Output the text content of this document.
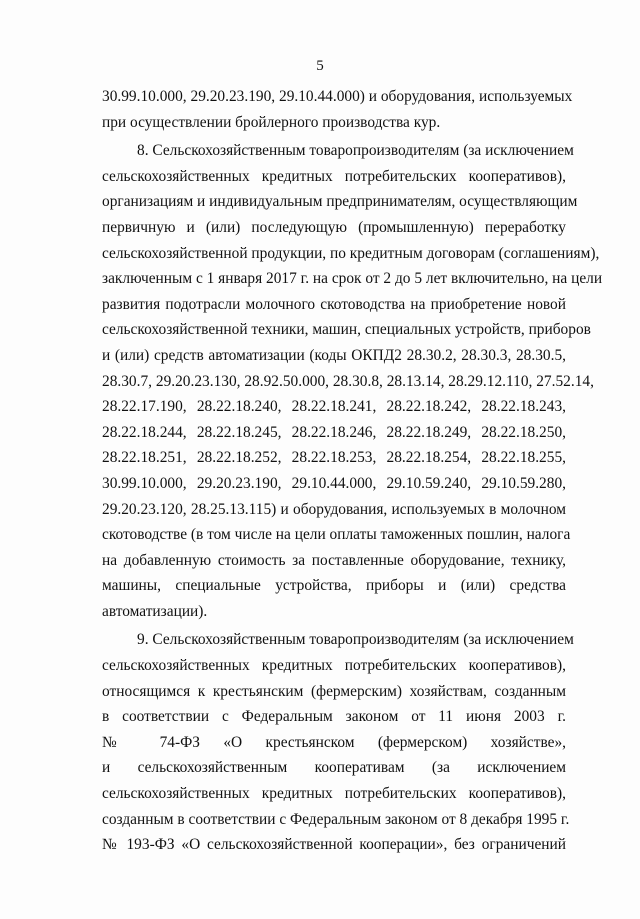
5
30.99.10.000, 29.20.23.190, 29.10.44.000) и оборудования, используемых
при осуществлении бройлерного производства кур.
8. Сельскохозяйственным товаропроизводителям (за исключением
сельскохозяйственных кредитных потребительских кооперативов),
организациям и индивидуальным предпринимателям, осуществляющим
первичную и (или) последующую (промышленную) переработку
сельскохозяйственной продукции, по кредитным договорам (соглашениям),
заключенным с 1 января 2017 г. на срок от 2 до 5 лет включительно, на цели
развития подотрасли молочного скотоводства на приобретение новой
сельскохозяйственной техники, машин, специальных устройств, приборов
и (или) средств автоматизации (коды ОКПД2 28.30.2, 28.30.3, 28.30.5,
28.30.7, 29.20.23.130, 28.92.50.000, 28.30.8, 28.13.14, 28.29.12.110, 27.52.14,
28.22.17.190, 28.22.18.240, 28.22.18.241, 28.22.18.242, 28.22.18.243,
28.22.18.244, 28.22.18.245, 28.22.18.246, 28.22.18.249, 28.22.18.250,
28.22.18.251, 28.22.18.252, 28.22.18.253, 28.22.18.254, 28.22.18.255,
30.99.10.000, 29.20.23.190, 29.10.44.000, 29.10.59.240, 29.10.59.280,
29.20.23.120, 28.25.13.115) и оборудования, используемых в молочном
скотоводстве (в том числе на цели оплаты таможенных пошлин, налога
на добавленную стоимость за поставленные оборудование, технику,
машины, специальные устройства, приборы и (или) средства
автоматизации).
9. Сельскохозяйственным товаропроизводителям (за исключением
сельскохозяйственных кредитных потребительских кооперативов),
относящимся к крестьянским (фермерским) хозяйствам, созданным
в соответствии с Федеральным законом от 11 июня 2003 г.
№ 74-ФЗ «О крестьянском (фермерском) хозяйстве»,
и сельскохозяйственным кооперативам (за исключением
сельскохозяйственных кредитных потребительских кооперативов),
созданным в соответствии с Федеральным законом от 8 декабря 1995 г.
№ 193-ФЗ «О сельскохозяйственной кооперации», без ограничений
